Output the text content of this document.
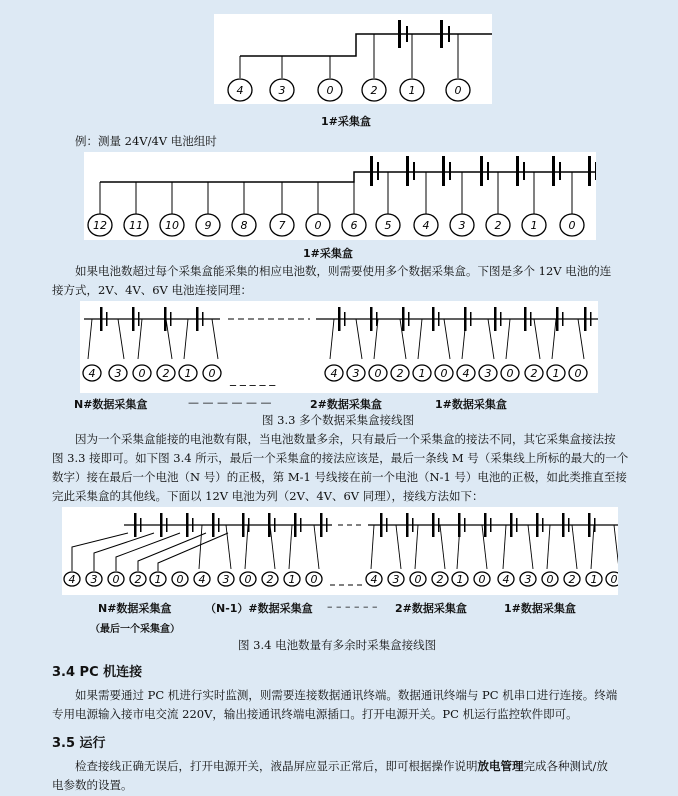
4	3	0	2	1	0
1#采集盒
例：测量 24V/4V 电池组时
12 11 10 9	8	7	0	6 5	4	3	2	1	0
1#采集盒
如果电池数超过每个采集盒能采集的相应电池数，则需要使用多个数据采集盒。下图是多个 12V 电池的连
接方式，2V、4V、6V 电池连接同理：
4 3 0 2 1 0	4 3 0 2 1 0 4 3 0 2 1 0
_ _ _ _ _
N#数据采集盒	— — — — — —	2#数据采集盒	1#数据采集盒
图 3.3 多个数据采集盒接线图
因为一个采集盒能接的电池数有限，当电池数量多余，只有最后一个采集盒的接法不同，其它采集盒接法按
图 3.3 接即可。如下图 3.4 所示，最后一个采集盒的接法应该是，最后一条线 M 号（采集线上所标的最大的一个
数字）接在最后一个电池（N 号）的正极，第 M-1 号线接在前一个电池（N-1 号）电池的正极，如此类推直至接
完此采集盒的其他线。下面以 12V 电池为列（2V、4V、6V 同理），接线方法如下：
4 3 0 2 1 0 4 3 0 2 1 0	4 3 0 2 1 0 4 3 0 2 1 0
N#数据采集盒	（N-1）#数据采集盒 – – – – – – 2#数据采集盒	1#数据采集盒
（最后一个采集盒）
图 3.4 电池数量有多余时采集盒接线图
3.4 PC 机连接
如果需要通过 PC 机进行实时监测，则需要连接数据通讯终端。数据通讯终端与 PC 机串口进行连接。终端
专用电源输入接市电交流 220V，输出接通讯终端电源插口。打开电源开关。PC 机运行监控软件即可。
3.5 运行
检查接线正确无误后，打开电源开关，液晶屏应显示正常后，即可根据操作说明放电管理完成各种测试/放
电参数的设置。
